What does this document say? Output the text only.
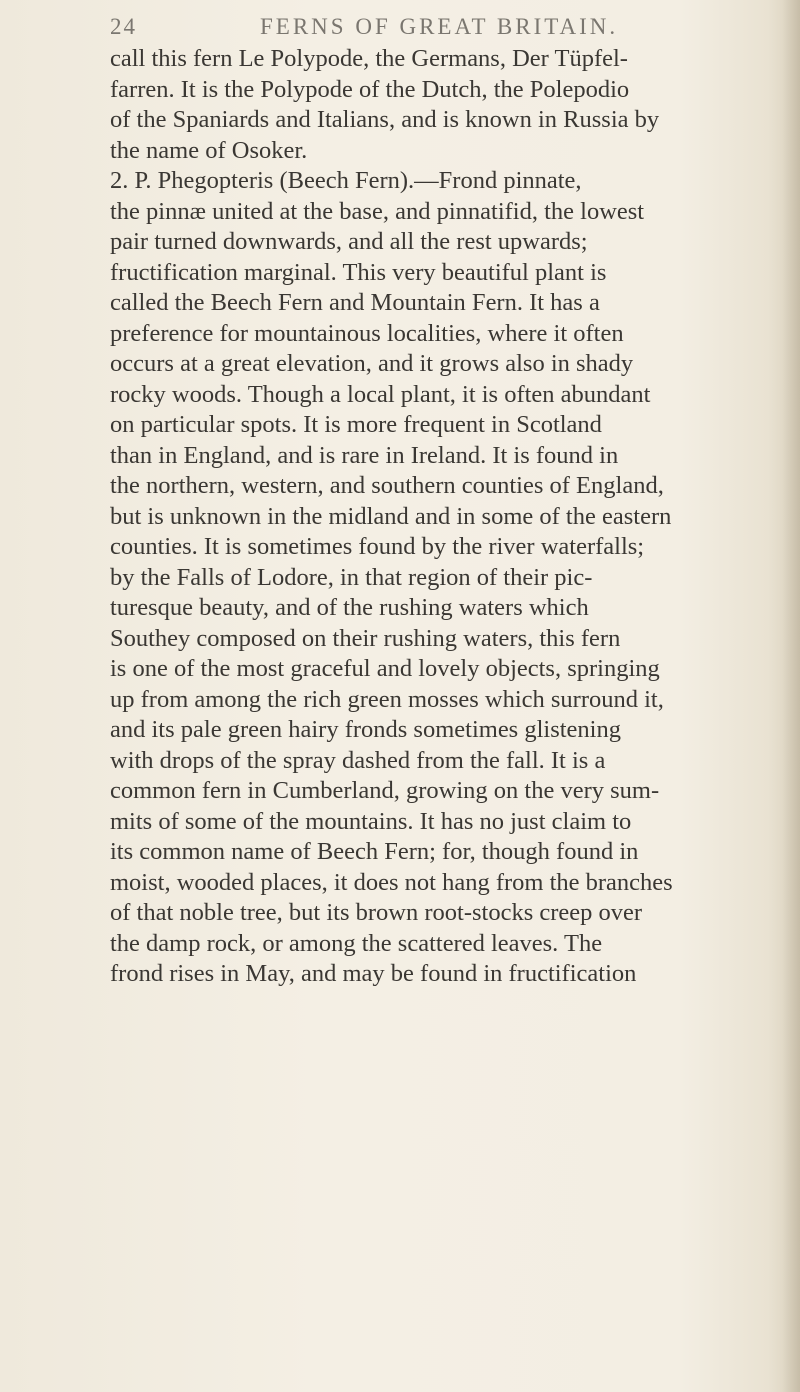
24	FERNS OF GREAT BRITAIN.

call this fern Le Polypode, the Germans, Der Tüpfel-
farren. It is the Polypode of the Dutch, the Polepodio
of the Spaniards and Italians, and is known in Russia by
the name of Osoker.
2. P. Phegopteris (Beech Fern).—Frond pinnate,
the pinnæ united at the base, and pinnatifid, the lowest
pair turned downwards, and all the rest upwards;
fructification marginal. This very beautiful plant is
called the Beech Fern and Mountain Fern. It has a
preference for mountainous localities, where it often
occurs at a great elevation, and it grows also in shady
rocky woods. Though a local plant, it is often abundant
on particular spots. It is more frequent in Scotland
than in England, and is rare in Ireland. It is found in
the northern, western, and southern counties of England,
but is unknown in the midland and in some of the eastern
counties. It is sometimes found by the river waterfalls;
by the Falls of Lodore, in that region of their pic-
turesque beauty, and of the rushing waters which
Southey composed on their rushing waters, this fern
is one of the most graceful and lovely objects, springing
up from among the rich green mosses which surround it,
and its pale green hairy fronds sometimes glistening
with drops of the spray dashed from the fall. It is a
common fern in Cumberland, growing on the very sum-
mits of some of the mountains. It has no just claim to
its common name of Beech Fern; for, though found in
moist, wooded places, it does not hang from the branches
of that noble tree, but its brown root-stocks creep over
the damp rock, or among the scattered leaves. The
frond rises in May, and may be found in fructification
